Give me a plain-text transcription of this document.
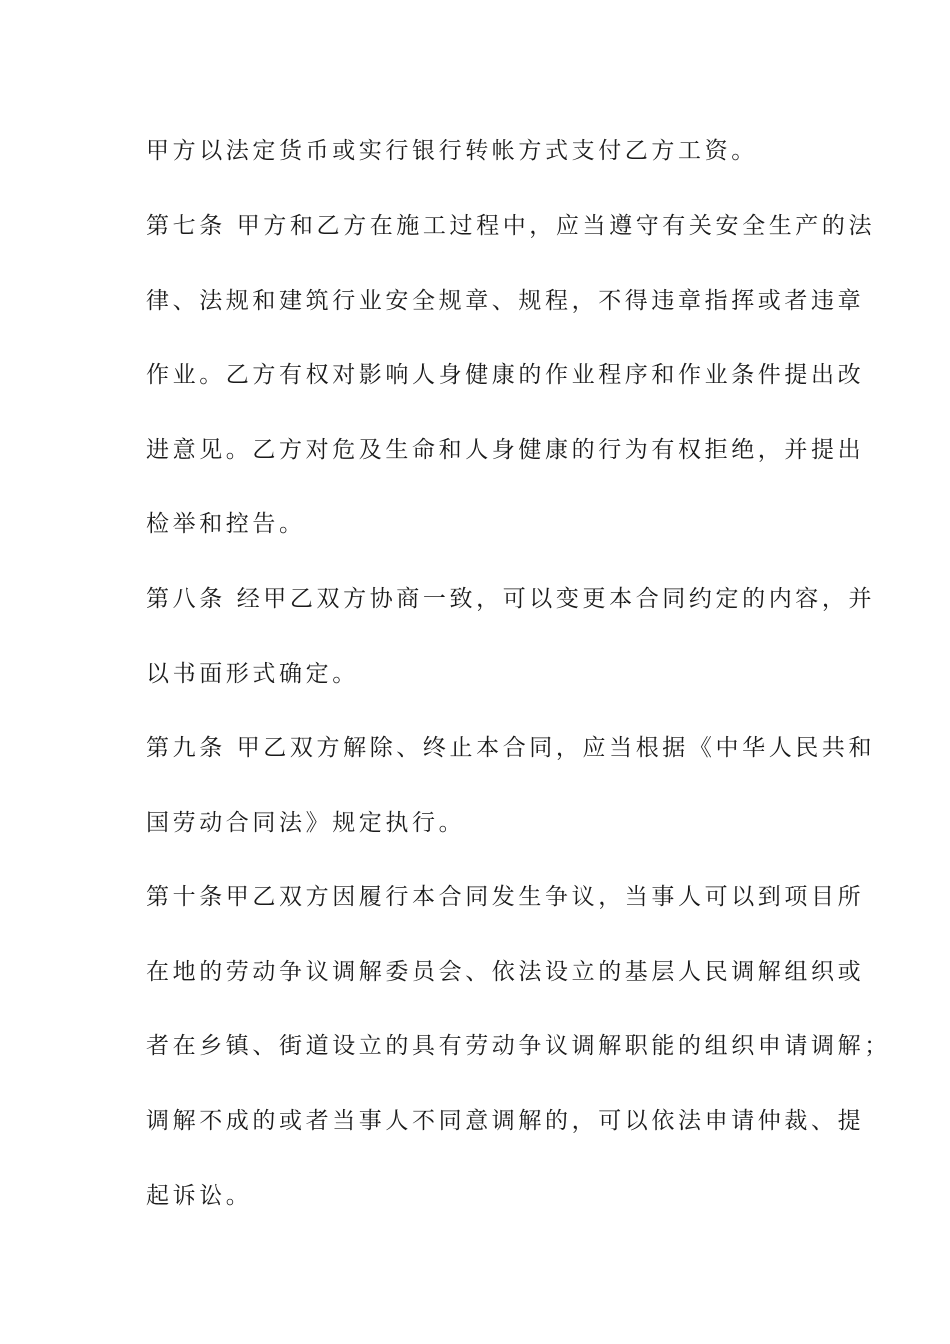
甲方以法定货币或实行银行转帐方式支付乙方工资。
第七条 甲方和乙方在施工过程中，应当遵守有关安全生产的法
律、法规和建筑行业安全规章、规程，不得违章指挥或者违章
作业。乙方有权对影响人身健康的作业程序和作业条件提出改
进意见。乙方对危及生命和人身健康的行为有权拒绝，并提出
检举和控告。
第八条 经甲乙双方协商一致，可以变更本合同约定的内容，并
以书面形式确定。
第九条 甲乙双方解除、终止本合同，应当根据《中华人民共和
国劳动合同法》规定执行。
第十条甲乙双方因履行本合同发生争议，当事人可以到项目所
在地的劳动争议调解委员会、依法设立的基层人民调解组织或
者在乡镇、街道设立的具有劳动争议调解职能的组织申请调解；
调解不成的或者当事人不同意调解的，可以依法申请仲裁、提
起诉讼。
